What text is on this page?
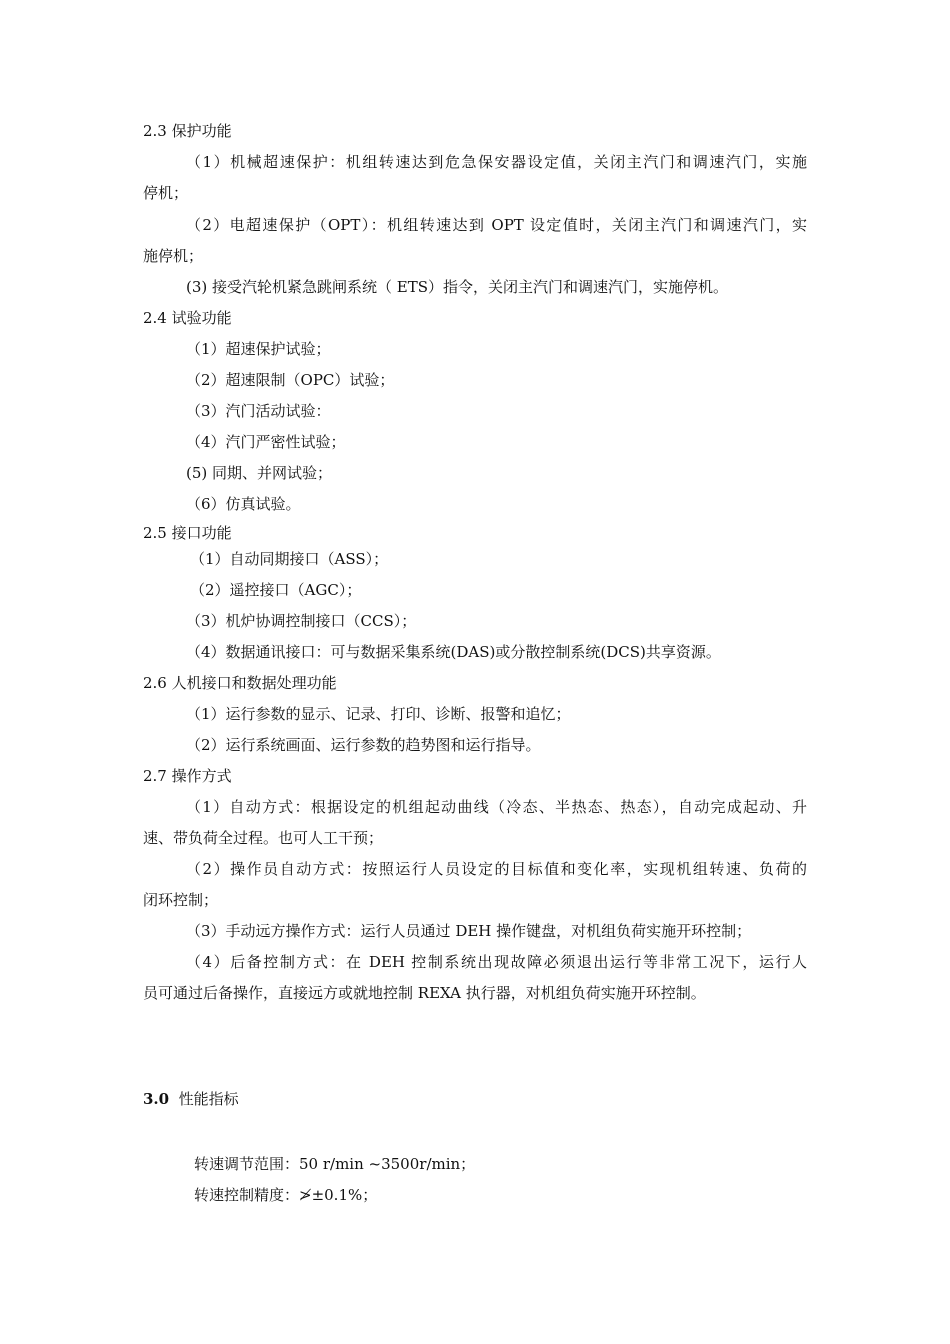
2.3 保护功能
（1）机械超速保护：机组转速达到危急保安器设定值，关闭主汽门和调速汽门，实施
停机；
（2）电超速保护（OPT）：机组转速达到 OPT 设定值时，关闭主汽门和调速汽门，实
施停机；
(3) 接受汽轮机紧急跳闸系统（ ETS）指令，关闭主汽门和调速汽门，实施停机。
2.4 试验功能
（1）超速保护试验；
（2）超速限制（OPC）试验；
（3）汽门活动试验：
（4）汽门严密性试验；
(5) 同期、并网试验；
（6）仿真试验。
2.5 接口功能
（1）自动同期接口（ASS）；
（2）遥控接口（AGC）；
（3）机炉协调控制接口（CCS）；
（4）数据通讯接口：可与数据采集系统(DAS)或分散控制系统(DCS)共享资源。
2.6 人机接口和数据处理功能
（1）运行参数的显示、记录、打印、诊断、报警和追忆；
（2）运行系统画面、运行参数的趋势图和运行指导。
2.7 操作方式
（1）自动方式：根据设定的机组起动曲线（冷态、半热态、热态），自动完成起动、升
速、带负荷全过程。也可人工干预；
（2）操作员自动方式：按照运行人员设定的目标值和变化率，实现机组转速、负荷的
闭环控制；
（3）手动远方操作方式：运行人员通过 DEH 操作键盘，对机组负荷实施开环控制；
（4）后备控制方式：在 DEH 控制系统出现故障必须退出运行等非常工况下，运行人
员可通过后备操作，直接远方或就地控制 REXA 执行器，对机组负荷实施开环控制。
3.0 性能指标
转速调节范围：50 r/min ~3500r/min；
转速控制精度：≯±0.1%；
